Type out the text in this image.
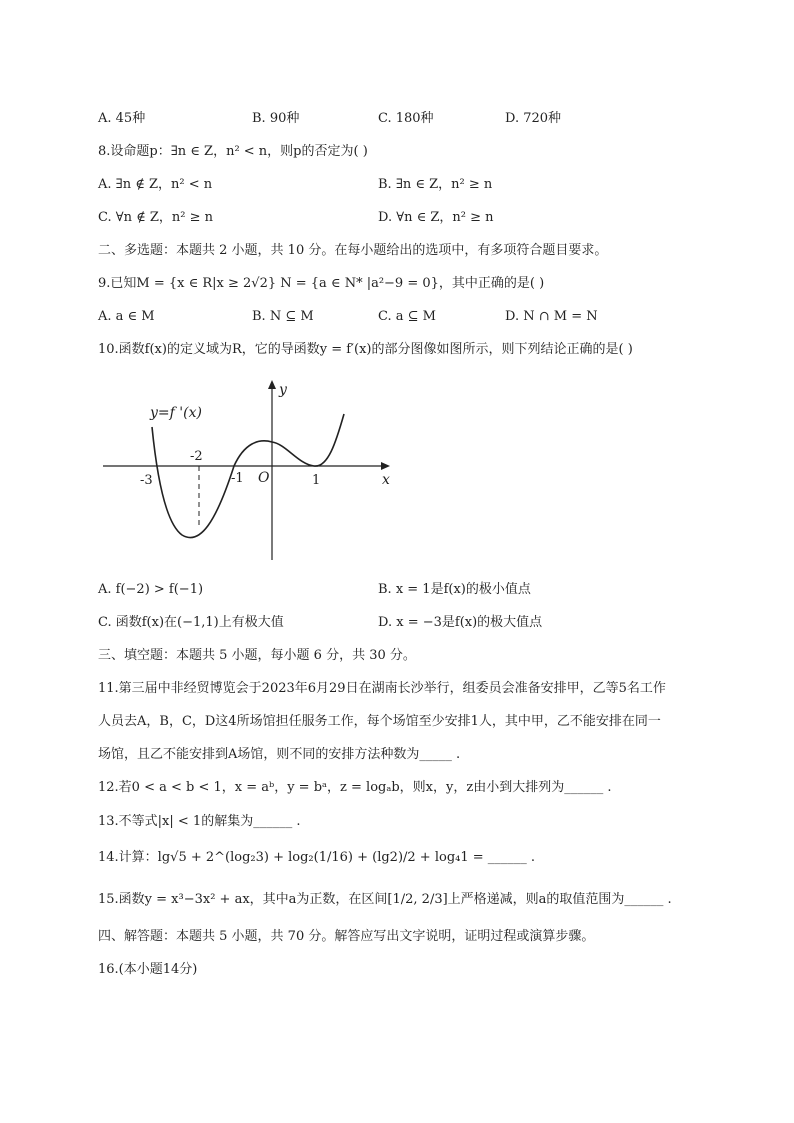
A. 45种	B. 90种	C. 180种	D. 720种
8.设命题p：∃n ∈ Z，n² < n，则p的否定为( )
A. ∃n ∉ Z，n² < n	B. ∃n ∈ Z，n² ≥ n
C. ∀n ∉ Z，n² ≥ n	D. ∀n ∈ Z，n² ≥ n
二、多选题：本题共 2 小题，共 10 分。在每小题给出的选项中，有多项符合题目要求。
9.已知M = {x ∈ R|x ≥ 2√2} N = {a ∈ N* |a²−9 = 0}，其中正确的是( )
A. a ∈ M	B. N ⊆ M	C. a ⊆ M	D. N ∩ M = N
10.函数f(x)的定义域为R，它的导函数y = f′(x)的部分图像如图所示，则下列结论正确的是( )
y=f '(x)
y
x
O
-3
-2
-1	1
A. f(−2) > f(−1)	B. x = 1是f(x)的极小值点
C. 函数f(x)在(−1,1)上有极大值	D. x = −3是f(x)的极大值点
三、填空题：本题共 5 小题，每小题 6 分，共 30 分。
11.第三届中非经贸博览会于2023年6月29日在湖南长沙举行，组委员会准备安排甲，乙等5名工作
人员去A，B，C，D这4所场馆担任服务工作，每个场馆至少安排1人，其中甲，乙不能安排在同一
场馆，且乙不能安排到A场馆，则不同的安排方法种数为_____ .
12.若0 < a < b < 1，x = aᵇ，y = bᵃ，z = logₐb，则x，y，z由小到大排列为______ .
13.不等式|x| < 1的解集为______ .
14.计算：lg√5 + 2^(log₂3) + log₂(1/16) + (lg2)/2 + log₄1 = ______ .
15.函数y = x³−3x² + ax，其中a为正数，在区间[1/2, 2/3]上严格递减，则a的取值范围为______ .
四、解答题：本题共 5 小题，共 70 分。解答应写出文字说明，证明过程或演算步骤。
16.(本小题14分)
